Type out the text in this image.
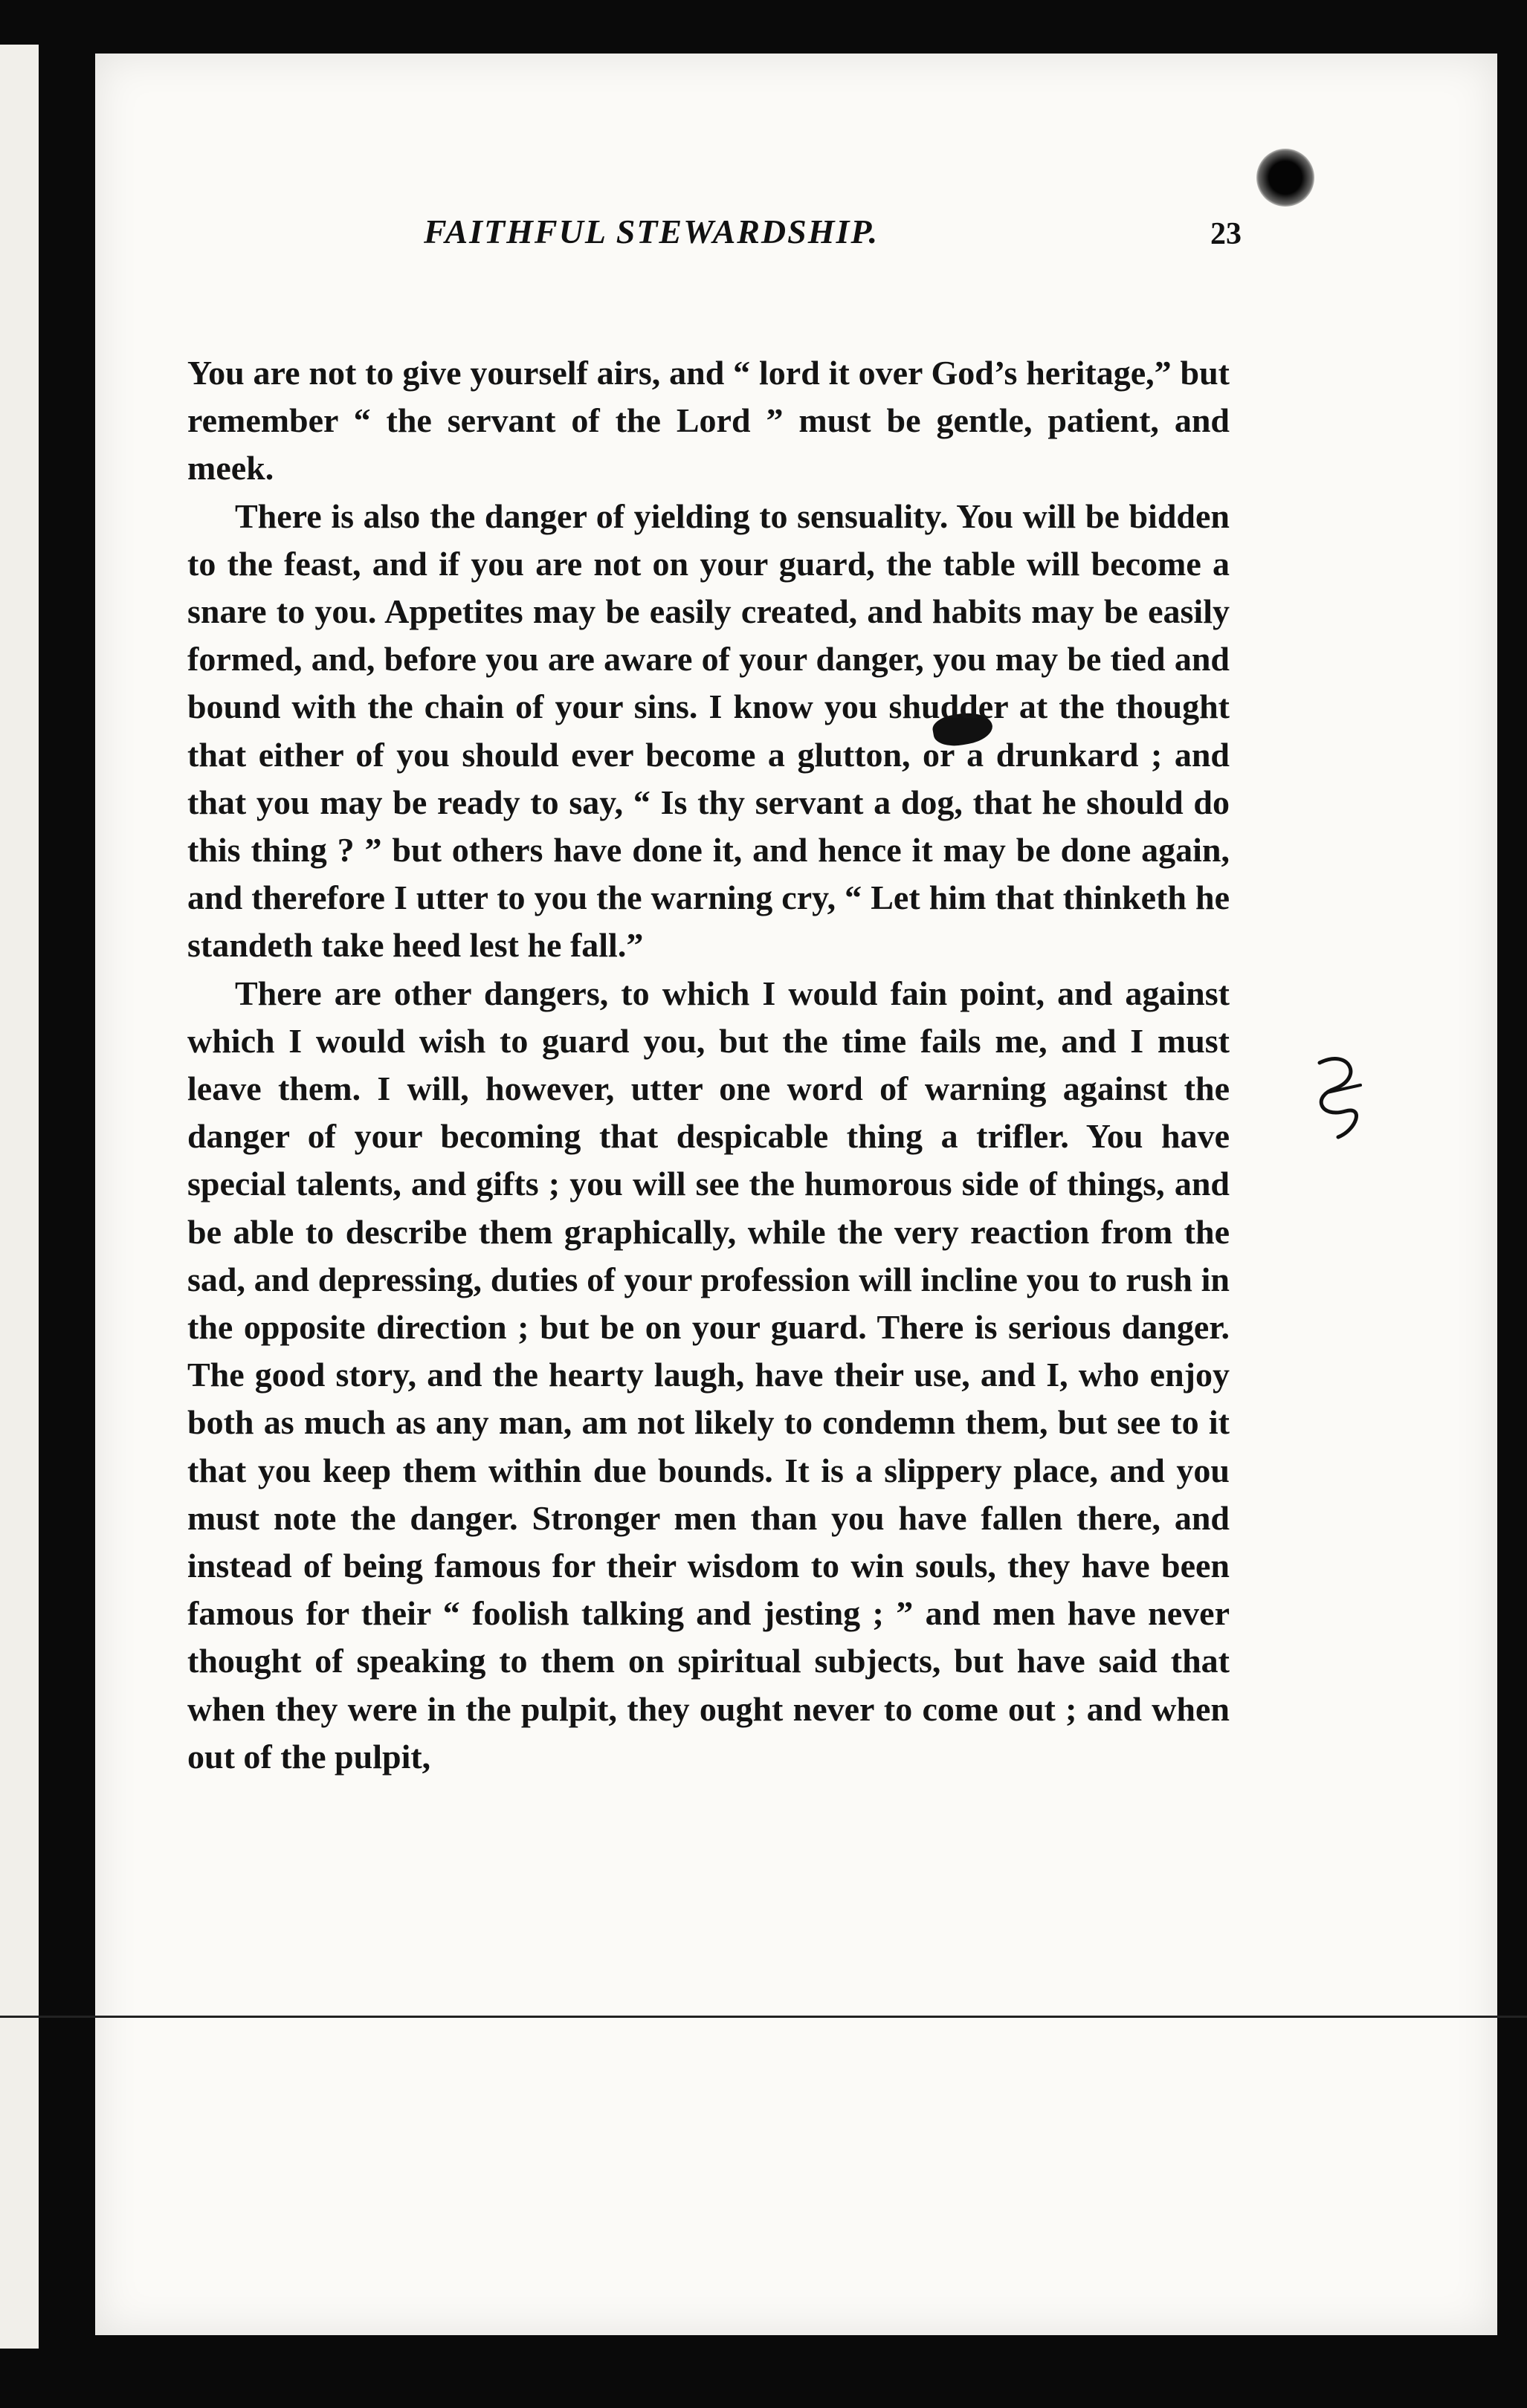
FAITHFUL STEWARDSHIP.	23

You are not to give yourself airs, and “ lord it over God’s heritage,” but remember “ the servant of the Lord ” must be gentle, patient, and meek.

There is also the danger of yielding to sensuality. You will be bidden to the feast, and if you are not on your guard, the table will become a snare to you. Appetites may be easily created, and habits may be easily formed, and, before you are aware of your danger, you may be tied and bound with the chain of your sins. I know you shudder at the thought that either of you should ever become a glutton, or a drunkard ; and that you may be ready to say, “ Is thy servant a dog, that he should do this thing ? ” but others have done it, and hence it may be done again, and therefore I utter to you the warning cry, “ Let him that thinketh he standeth take heed lest he fall.”

There are other dangers, to which I would fain point, and against which I would wish to guard you, but the time fails me, and I must leave them. I will, however, utter one word of warning against the danger of your becoming that despicable thing a trifler. You have special talents, and gifts ; you will see the humorous side of things, and be able to describe them graphically, while the very reaction from the sad, and depressing, duties of your profession will incline you to rush in the opposite direction ; but be on your guard. There is serious danger. The good story, and the hearty laugh, have their use, and I, who enjoy both as much as any man, am not likely to condemn them, but see to it that you keep them within due bounds. It is a slippery place, and you must note the danger. Stronger men than you have fallen there, and instead of being famous for their wisdom to win souls, they have been famous for their “ foolish talking and jesting ; ” and men have never thought of speaking to them on spiritual subjects, but have said that when they were in the pulpit, they ought never to come out ; and when out of the pulpit,
